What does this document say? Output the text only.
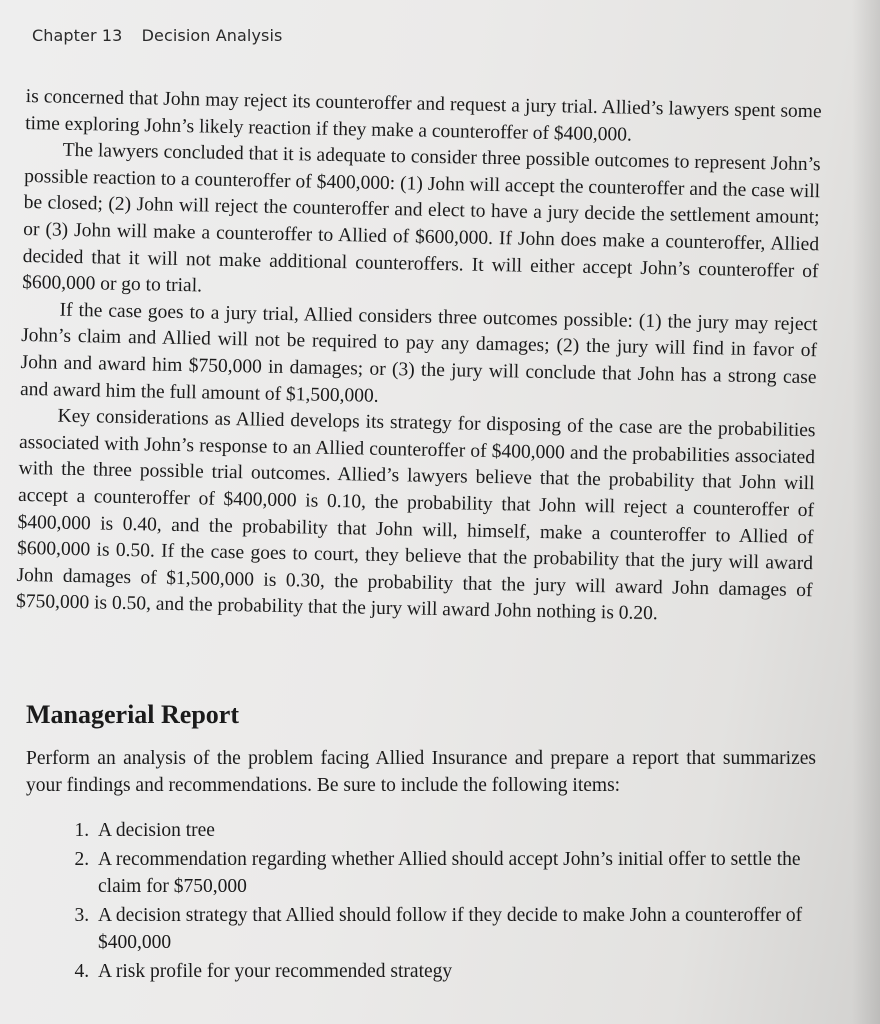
Chapter 13 Decision Analysis

is concerned that John may reject its counteroffer and request a jury trial. Allied’s lawyers spent some time exploring John’s likely reaction if they make a counteroffer of $400,000.

The lawyers concluded that it is adequate to consider three possible outcomes to represent John’s possible reaction to a counteroffer of $400,000: (1) John will accept the counteroffer and the case will be closed; (2) John will reject the counteroffer and elect to have a jury decide the settlement amount; or (3) John will make a counteroffer to Allied of $600,000. If John does make a counteroffer, Allied decided that it will not make additional counteroffers. It will either accept John’s counteroffer of $600,000 or go to trial.

If the case goes to a jury trial, Allied considers three outcomes possible: (1) the jury may reject John’s claim and Allied will not be required to pay any damages; (2) the jury will find in favor of John and award him $750,000 in damages; or (3) the jury will conclude that John has a strong case and award him the full amount of $1,500,000.

Key considerations as Allied develops its strategy for disposing of the case are the probabilities associated with John’s response to an Allied counteroffer of $400,000 and the probabilities associated with the three possible trial outcomes. Allied’s lawyers believe that the probability that John will accept a counteroffer of $400,000 is 0.10, the probability that John will reject a counteroffer of $400,000 is 0.40, and the probability that John will, himself, make a counteroffer to Allied of $600,000 is 0.50. If the case goes to court, they believe that the probability that the jury will award John damages of $1,500,000 is 0.30, the probability that the jury will award John damages of $750,000 is 0.50, and the probability that the jury will award John nothing is 0.20.

Managerial Report

Perform an analysis of the problem facing Allied Insurance and prepare a report that summarizes your findings and recommendations. Be sure to include the following items:

1. A decision tree
2. A recommendation regarding whether Allied should accept John’s initial offer to settle the claim for $750,000
3. A decision strategy that Allied should follow if they decide to make John a counteroffer of $400,000
4. A risk profile for your recommended strategy
